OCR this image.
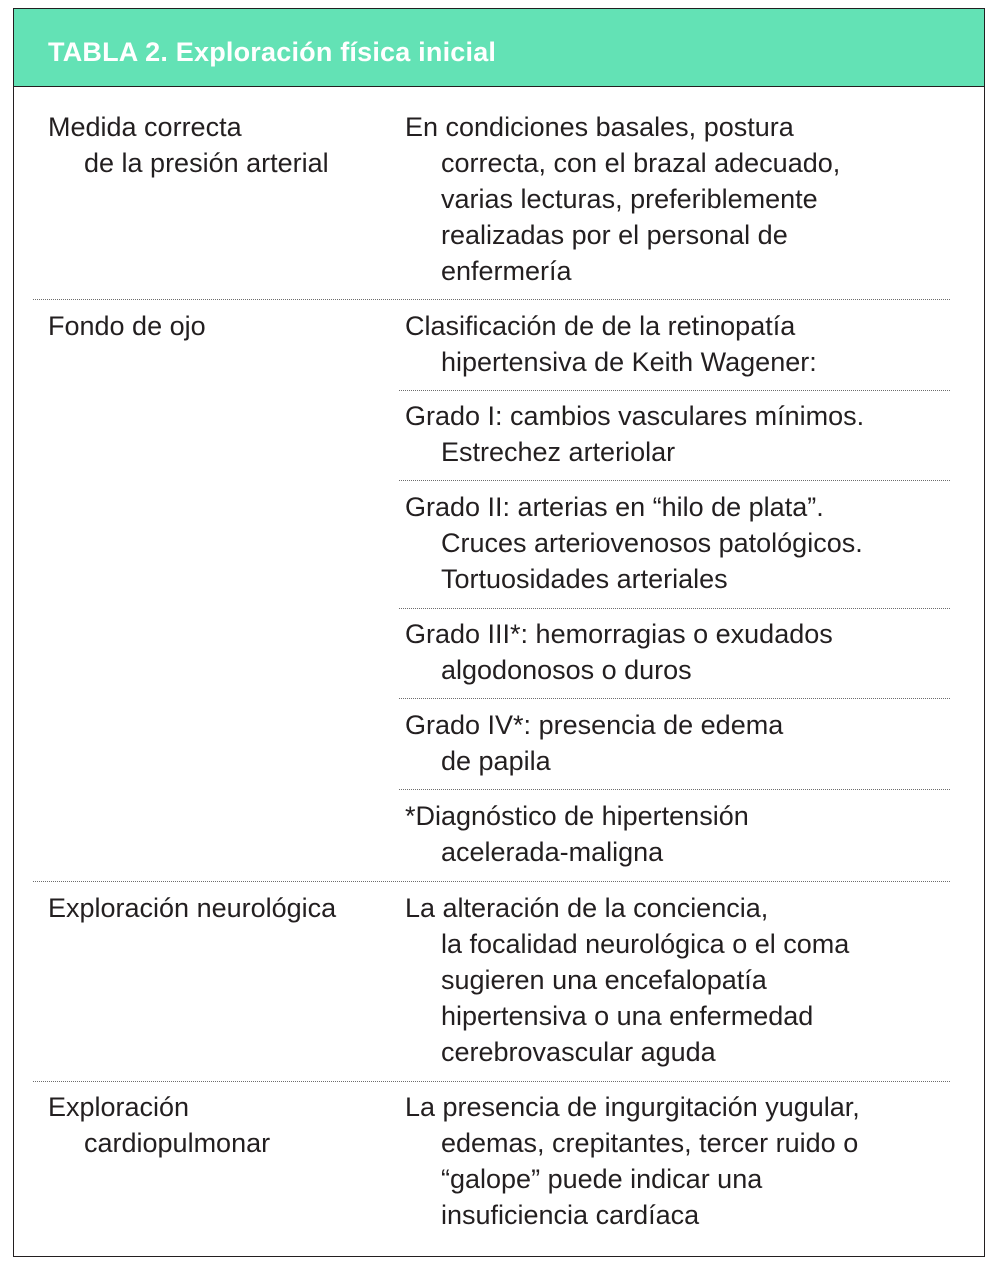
TABLA 2. Exploración física inicial
Medida correcta
de la presión arterial
En condiciones basales, postura
correcta, con el brazal adecuado,
varias lecturas, preferiblemente
realizadas por el personal de
enfermería
Fondo de ojo	Clasificación de de la retinopatía
hipertensiva de Keith Wagener:
Grado I: cambios vasculares mínimos.
Estrechez arteriolar
Grado II: arterias en “hilo de plata”.
Cruces arteriovenosos patológicos.
Tortuosidades arteriales
Grado III*: hemorragias o exudados
algodonosos o duros
Grado IV*: presencia de edema
de papila
*Diagnóstico de hipertensión
acelerada-maligna
Exploración neurológica	La alteración de la conciencia,
la focalidad neurológica o el coma
sugieren una encefalopatía
hipertensiva o una enfermedad
cerebrovascular aguda
Exploración
cardiopulmonar
La presencia de ingurgitación yugular,
edemas, crepitantes, tercer ruido o
“galope” puede indicar una
insuficiencia cardíaca
